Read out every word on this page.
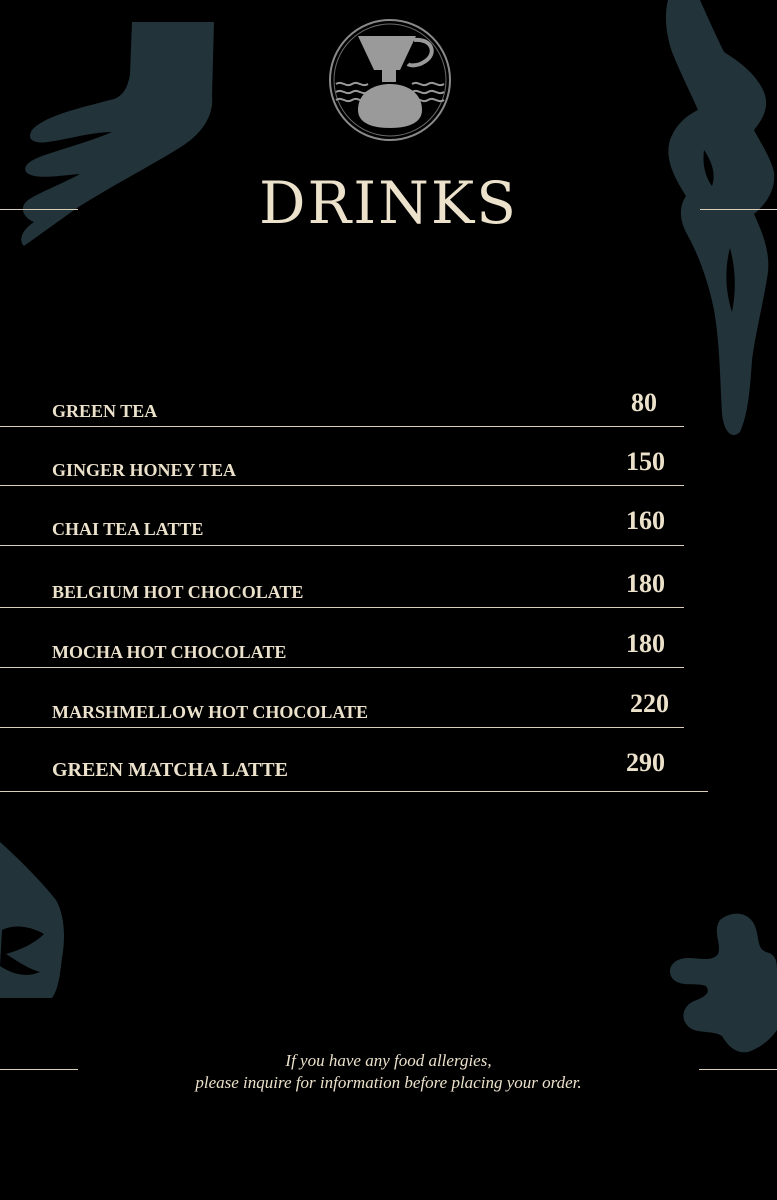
DRINKS
GREEN TEA	80
GINGER HONEY TEA	150
CHAI TEA LATTE	160
BELGIUM HOT CHOCOLATE	180
MOCHA HOT CHOCOLATE	180
MARSHMELLOW HOT CHOCOLATE	220
GREEN MATCHA LATTE	290
If you have any food allergies,
please inquire for information before placing your order.
